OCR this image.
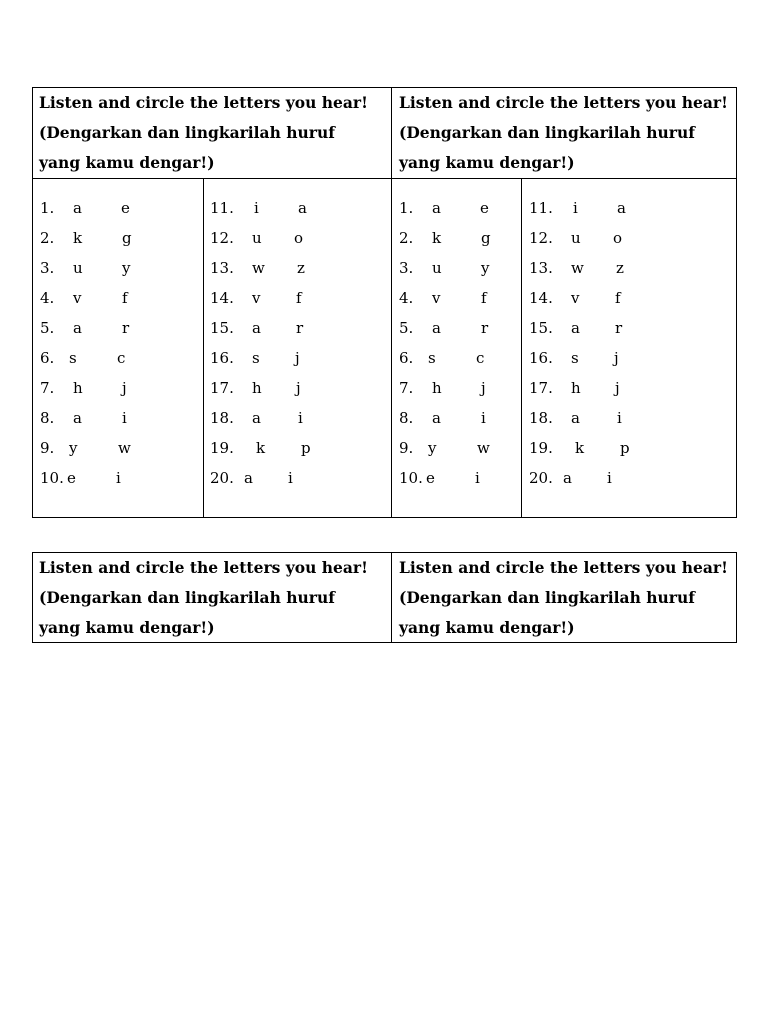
Listen and circle the letters you hear!
(Dengarkan dan lingkarilah huruf
yang kamu dengar!)
Listen and circle the letters you hear!
(Dengarkan dan lingkarilah huruf
yang kamu dengar!)
1. a	e
2. k	g
3. u	y
4. v	f
5. a	r
6. s	c
7. h	j
8. a	i
9. y	w
10. e	i
11. i	a
12. u o
13. w z
14. v f
15. a r
16. s j
17. h j
18. a i
19. k p
20. a i
1. a	e
2. k	g
3. u	y
4. v	f
5. a	r
6. s	c
7. h	j
8. a	i
9. y	w
10. e	i
11. i	a
12. u o
13. w z
14. v f
15. a r
16. s j
17. h j
18. a i
19. k p
20. a i
Listen and circle the letters you hear!
(Dengarkan dan lingkarilah huruf
yang kamu dengar!)
Listen and circle the letters you hear!
(Dengarkan dan lingkarilah huruf
yang kamu dengar!)
